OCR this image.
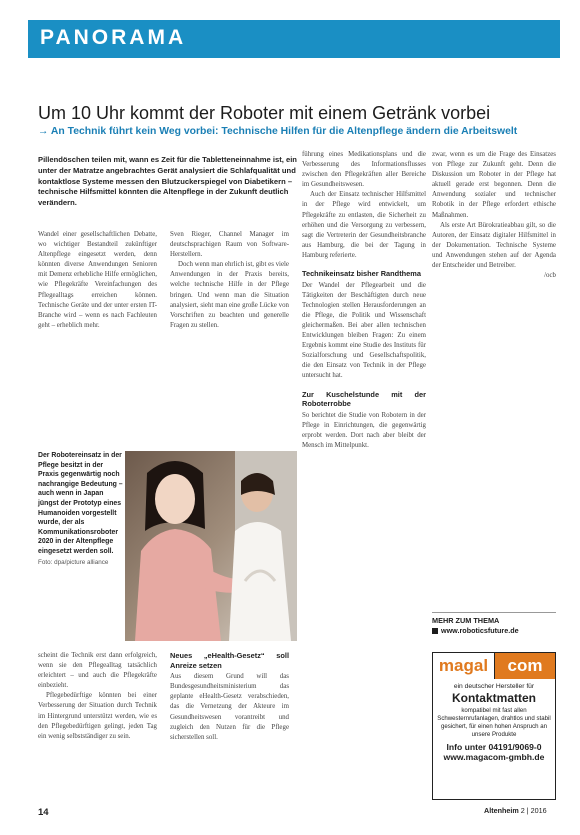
PANORAMA
Um 10 Uhr kommt der Roboter mit einem Getränk vorbei
→ An Technik führt kein Weg vorbei: Technische Hilfen für die Altenpflege ändern die Arbeitswelt
Pillendöschen teilen mit, wann es Zeit für die Tabletteneinnahme ist, ein unter der Matratze angebrachtes Gerät analysiert die Schlafqualität und kontaktlose Systeme messen den Blutzuckerspiegel von Diabetikern – technische Hilfsmittel könnten die Altenpflege in der Zukunft deutlich verändern.

Wandel einer gesellschaftlichen Debatte, wo wichtiger Bestandteil zukünftiger Altenpflege eingesetzt werden, denn könnten diverse Anwendungen Senioren mit Demenz erhebliche Hilfe ermöglichen, wie Pflegekräfte Vereinfachungen des Pflegealltags erreichen können. Technische Geräte und der unter ersten IT-Branche wird – wenn es nach Fachleuten geht – erheblich mehr.

Sven Rieger, Channel Manager im deutschsprachigen Raum von Software-Herstellern.

Doch wenn man ehrlich ist, gibt es viele Anwendungen in der Praxis bereits, welche technische Hilfe in der Pflege bringen. Und wenn man die Situation analysiert, sieht man eine große Lücke von Vorschriften zu beachten und generelle Fragen zu stellen.

führung eines Medikationsplans und die Verbesserung des Informationsflusses zwischen den Pflegekräften aller Bereiche im Gesundheitswesen.

Auch der Einsatz technischer Hilfsmittel in der Pflege wird entwickelt, um Pflegekräfte zu entlasten, die Sicherheit zu erhöhen und die Versorgung zu verbessern, sagt die Vertreterin der Gesundheitsbranche aus Hamburg, die bei der Tagung in Hamburg referierte.

Technikeinsatz bisher Randthema

Der Wandel der Pflegearbeit und die Tätigkeiten der Beschäftigten durch neue Technologien stellen Herausforderungen an die Pflege, die Politik und Wissenschaft gleichermaßen. Bei aber allen technischen Entwicklungen bleiben Fragen: Zu einem Ergebnis kommt eine Studie des Instituts für Sozialforschung und Gesellschaftspolitik, die den Einsatz von Technik in der Pflege untersucht hat.

Zur Kuschelstunde mit der Roboterrobbe

So berichtet die Studie von Robotern in der Pflege in Einrichtungen, die gegenwärtig erprobt werden. Dort nach aber bleibt der Mensch im Mittelpunkt.

zwar, wenn es um die Frage des Einsatzes von Pflege zur Zukunft geht. Denn die Diskussion um Roboter in der Pflege hat aktuell gerade erst begonnen. Denn die Anwendung sozialer und technischer Robotik in der Pflege erfordert ethische Maßnahmen.

Als erste Art Bürokratieabbau gilt, so die Autoren, der Einsatz digitaler Hilfsmittel in der Dokumentation. Technische Systeme und Anwendungen stehen auf der Agenda der Entscheider und Betreiber.

/ocb

Der Robotereinsatz in der Pflege besitzt in der Praxis gegenwärtig noch nachrangige Bedeutung – auch wenn in Japan jüngst der Prototyp eines Humanoiden vorgestellt wurde, der als Kommunikationsroboter 2020 in der Altenpflege eingesetzt werden soll.
Foto: dpa/picture alliance

scheint die Technik erst dann erfolgreich, wenn sie den Pflegealltag tatsächlich erleichtert – und auch die Pflegekräfte einbezieht.

Pflegebedürftige könnten bei einer Verbesserung der Situation durch Technik im Hintergrund unterstützt werden, wie es den Pflegebedürftigen gelingt, jeden Tag ein wenig selbstständiger zu sein.

Neues „eHealth-Gesetz“ soll Anreize setzen

Aus diesem Grund will das Bundesgesundheitsministerium das geplante eHealth-Gesetz verabschieden, das die Vernetzung der Akteure im Gesundheitswesen vorantreibt und zugleich den Nutzen für die Pflege sicherstellen soll.

MEHR ZUM THEMA
www.roboticsfuture.de
magal	com
ein deutscher Hersteller für
Kontaktmatten
kompatibel mit fast allen Schwesternrufanlagen, drahtlos und stabil gesichert, für einen hohen Anspruch an unsere Produkte
Info unter 04191/9069-0
www.magacom-gmbh.de
14	Altenheim 2 | 2016
